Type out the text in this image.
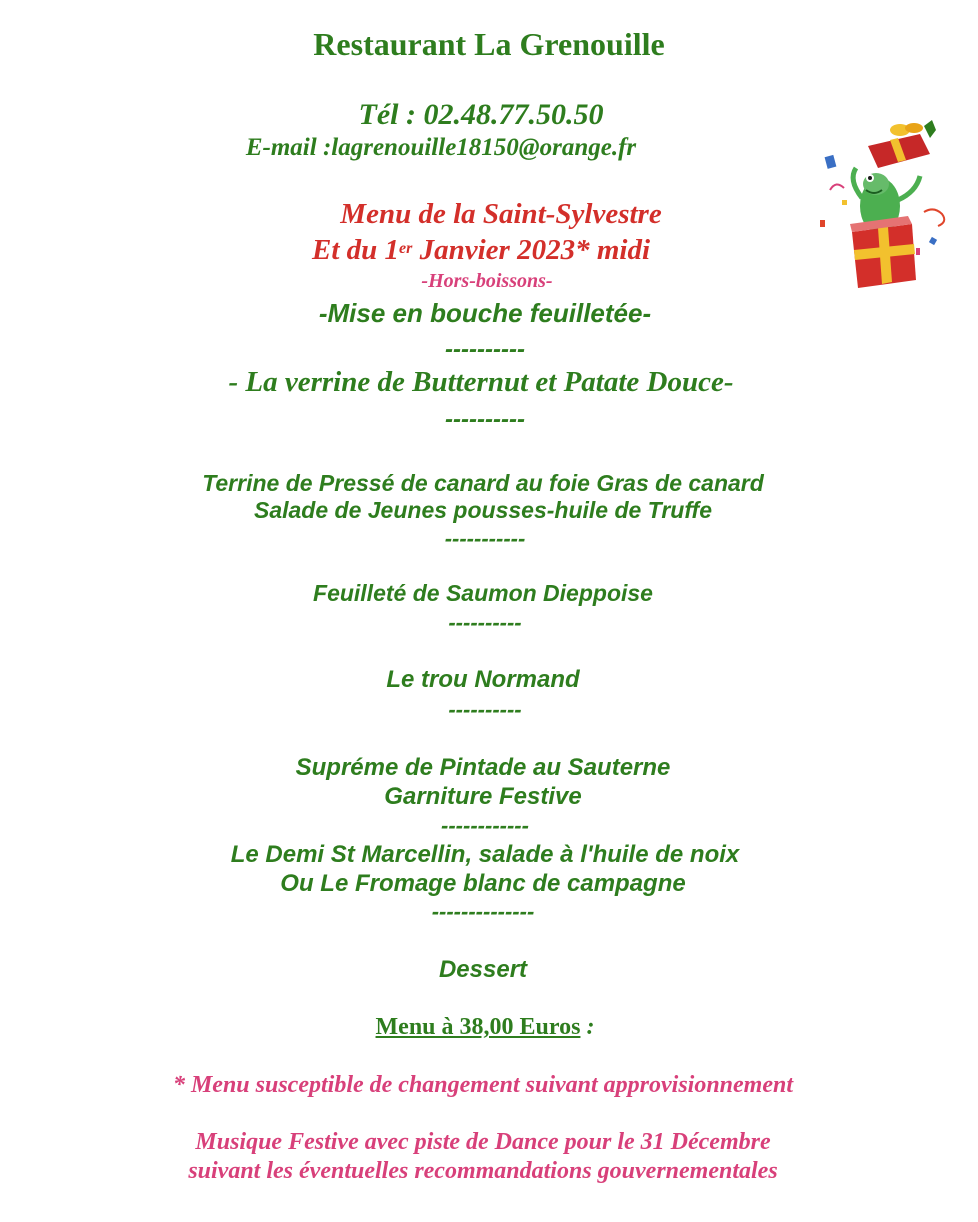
Restaurant La Grenouille
Tél : 02.48.77.50.50
E-mail :lagrenouille18150@orange.fr
Menu de la Saint-Sylvestre
Et du 1er Janvier 2023* midi
-Hors-boissons-
-Mise en bouche feuilletée-
----------
- La verrine de Butternut et Patate Douce-
----------
Terrine de Pressé de canard au foie Gras de canard
Salade de Jeunes pousses-huile de Truffe
-----------
Feuilleté de Saumon Dieppoise
----------
Le trou Normand
----------
Supréme de Pintade au Sauterne
Garniture Festive
------------
Le Demi St Marcellin, salade à l'huile de noix
Ou Le Fromage blanc de campagne
--------------
Dessert
Menu à 38,00 Euros :
* Menu susceptible de changement suivant approvisionnement
Musique Festive avec piste de Dance pour le 31 Décembre
suivant les éventuelles recommandations gouvernementales
